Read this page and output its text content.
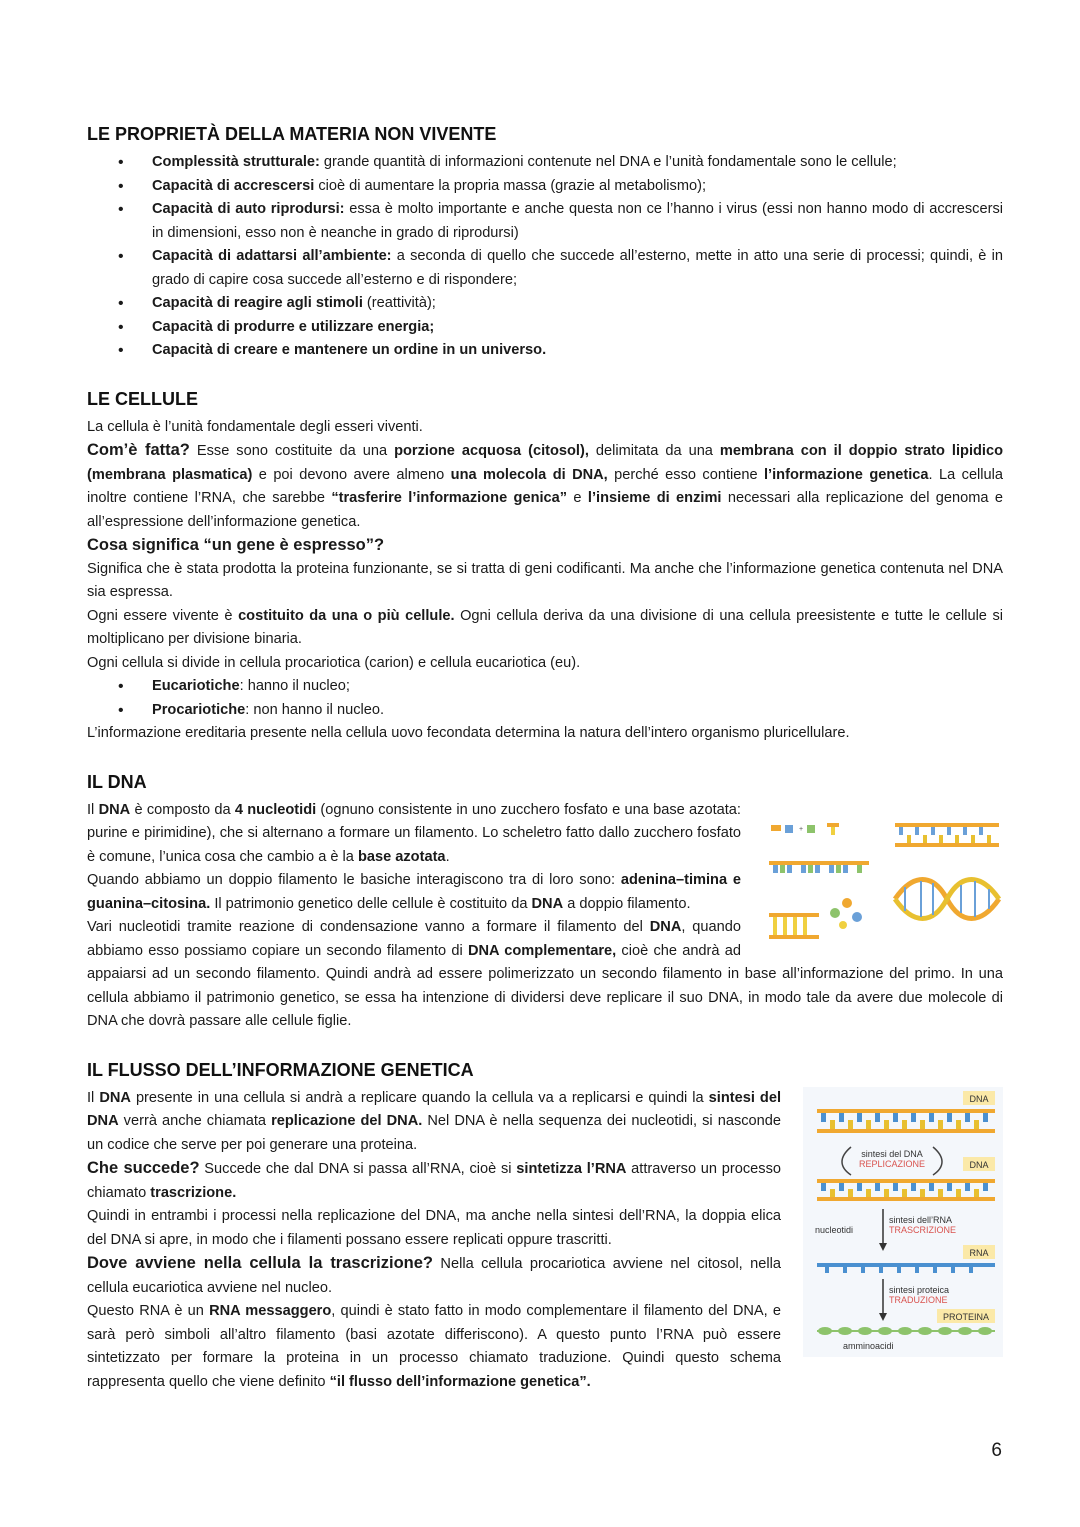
LE PROPRIETÀ DELLA MATERIA NON VIVENTE
• Complessità strutturale: grande quantità di informazioni contenute nel DNA e l’unità fondamentale sono le cellule;
• Capacità di accrescersi cioè di aumentare la propria massa (grazie al metabolismo);
• Capacità di auto riprodursi: essa è molto importante e anche questa non ce l’hanno i virus (essi non hanno modo di accrescersi in dimensioni, esso non è neanche in grado di riprodursi)
• Capacità di adattarsi all’ambiente: a seconda di quello che succede all’esterno, mette in atto una serie di processi; quindi, è in grado di capire cosa succede all’esterno e di rispondere;
• Capacità di reagire agli stimoli (reattività);
• Capacità di produrre e utilizzare energia;
• Capacità di creare e mantenere un ordine in un universo.
LE CELLULE

La cellula è l’unità fondamentale degli esseri viventi.

Com’è fatta? Esse sono costituite da una porzione acquosa (citosol), delimitata da una membrana con il doppio strato lipidico (membrana plasmatica) e poi devono avere almeno una molecola di DNA, perché esso contiene l’informazione genetica. La cellula inoltre contiene l’RNA, che sarebbe “trasferire l’informazione genica” e l’insieme di enzimi necessari alla replicazione del genoma e all’espressione dell’informazione genetica.

Cosa significa “un gene è espresso”?

Significa che è stata prodotta la proteina funzionante, se si tratta di geni codificanti. Ma anche che l’informazione genetica contenuta nel DNA sia espressa.

Ogni essere vivente è costituito da una o più cellule. Ogni cellula deriva da una divisione di una cellula preesistente e tutte le cellule si moltiplicano per divisione binaria.

Ogni cellula si divide in cellula procariotica (carion) e cellula eucariotica (eu).

• Eucariotiche: hanno il nucleo;
• Procariotiche: non hanno il nucleo.

L’informazione ereditaria presente nella cellula uovo fecondata determina la natura dell’intero organismo pluricellulare.

IL DNA
+

Il DNA è composto da 4 nucleotidi (ognuno consistente in uno zucchero fosfato e una base azotata: purine e pirimidine), che si alternano a formare un filamento. Lo scheletro fatto dallo zucchero fosfato è comune, l’unica cosa che cambio a è la base azotata.

Quando abbiamo un doppio filamento le basiche interagiscono tra di loro sono: adenina–timina e guanina–citosina. Il patrimonio genetico delle cellule è costituito da DNA a doppio filamento.

Vari nucleotidi tramite reazione di condensazione vanno a formare il filamento del DNA, quando abbiamo esso possiamo copiare un secondo filamento di DNA complementare, cioè che andrà ad appaiarsi ad un secondo filamento. Quindi andrà ad essere polimerizzato un secondo filamento in base all’informazione del primo. In una cellula abbiamo il patrimonio genetico, se essa ha intenzione di dividersi deve replicare il suo DNA, in modo tale da avere due molecole di DNA che dovrà passare alle cellule figlie.

IL FLUSSO DELL’INFORMAZIONE GENETICA
DNA
sintesi del DNA
REPLICAZIONE	DNA
nucleotidi
sintesi dell’RNA
TRASCRIZIONE
RNA
sintesi proteica
TRADUZIONE
PROTEINA
amminoacidi

Il DNA presente in una cellula si andrà a replicare quando la cellula va a replicarsi e quindi la sintesi del DNA verrà anche chiamata replicazione del DNA. Nel DNA è nella sequenza dei nucleotidi, si nasconde un codice che serve per poi generare una proteina.

Che succede? Succede che dal DNA si passa all’RNA, cioè si sintetizza l’RNA attraverso un processo chiamato trascrizione.

Quindi in entrambi i processi nella replicazione del DNA, ma anche nella sintesi dell’RNA, la doppia elica del DNA si apre, in modo che i filamenti possano essere replicati oppure trascritti.

Dove avviene nella cellula la trascrizione? Nella cellula procariotica avviene nel citosol, nella cellula eucariotica avviene nel nucleo.

Questo RNA è un RNA messaggero, quindi è stato fatto in modo complementare il filamento del DNA, e sarà però simboli all’altro filamento (basi azotate differiscono). A questo punto l’RNA può essere sintetizzato per formare la proteina in un processo chiamato traduzione. Quindi questo schema rappresenta quello che viene definito “il flusso dell’informazione genetica”.

6
